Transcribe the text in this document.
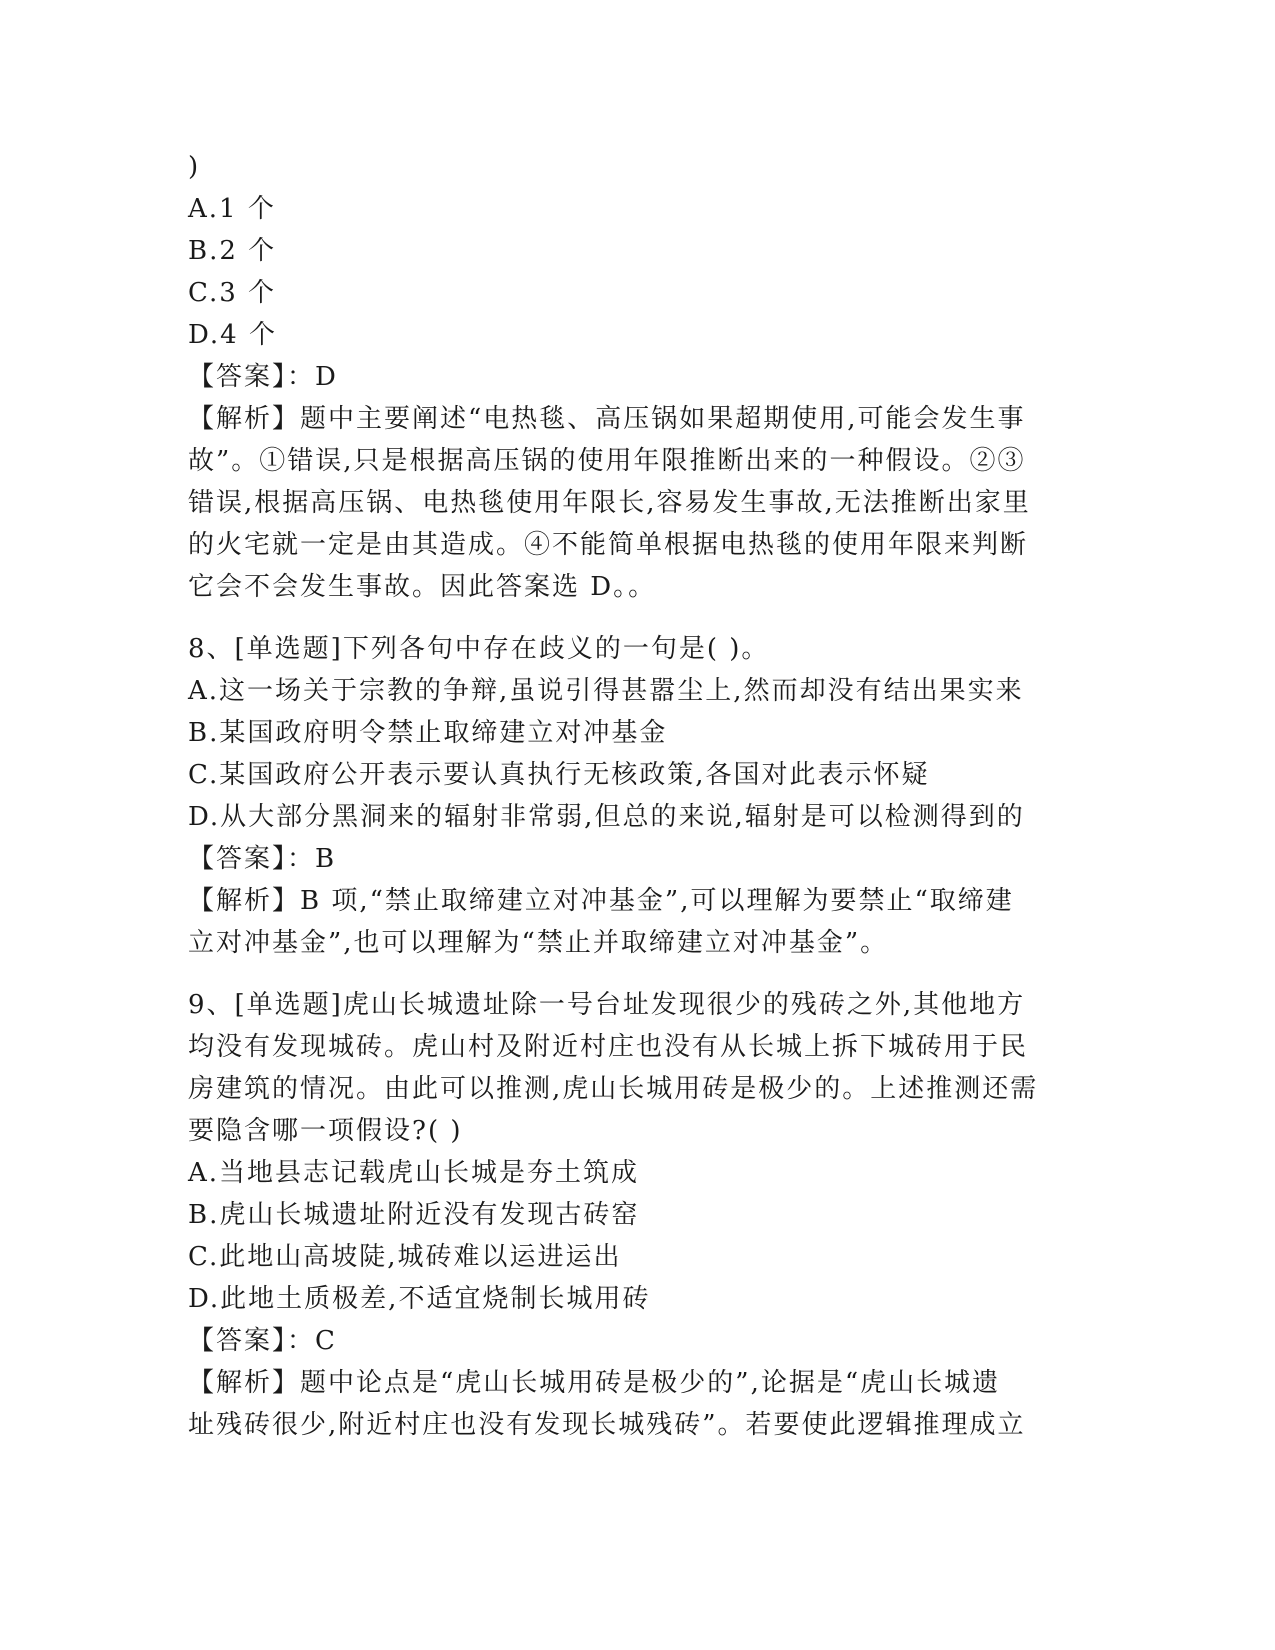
)
A.1 个
B.2 个
C.3 个
D.4 个
【答案】：D
【解析】题中主要阐述“电热毯、高压锅如果超期使用,可能会发生事
故”。①错误,只是根据高压锅的使用年限推断出来的一种假设。②③
错误,根据高压锅、电热毯使用年限长,容易发生事故,无法推断出家里
的火宅就一定是由其造成。④不能简单根据电热毯的使用年限来判断
它会不会发生事故。因此答案选 D。。
8、[单选题]下列各句中存在歧义的一句是( )。
A.这一场关于宗教的争辩,虽说引得甚嚣尘上,然而却没有结出果实来
B.某国政府明令禁止取缔建立对冲基金
C.某国政府公开表示要认真执行无核政策,各国对此表示怀疑
D.从大部分黑洞来的辐射非常弱,但总的来说,辐射是可以检测得到的
【答案】：B
【解析】B 项,“禁止取缔建立对冲基金”,可以理解为要禁止“取缔建
立对冲基金”,也可以理解为“禁止并取缔建立对冲基金”。
9、[单选题]虎山长城遗址除一号台址发现很少的残砖之外,其他地方
均没有发现城砖。虎山村及附近村庄也没有从长城上拆下城砖用于民
房建筑的情况。由此可以推测,虎山长城用砖是极少的。上述推测还需
要隐含哪一项假设?( )
A.当地县志记载虎山长城是夯土筑成
B.虎山长城遗址附近没有发现古砖窑
C.此地山高坡陡,城砖难以运进运出
D.此地土质极差,不适宜烧制长城用砖
【答案】：C
【解析】题中论点是“虎山长城用砖是极少的”,论据是“虎山长城遗
址残砖很少,附近村庄也没有发现长城残砖”。若要使此逻辑推理成立
